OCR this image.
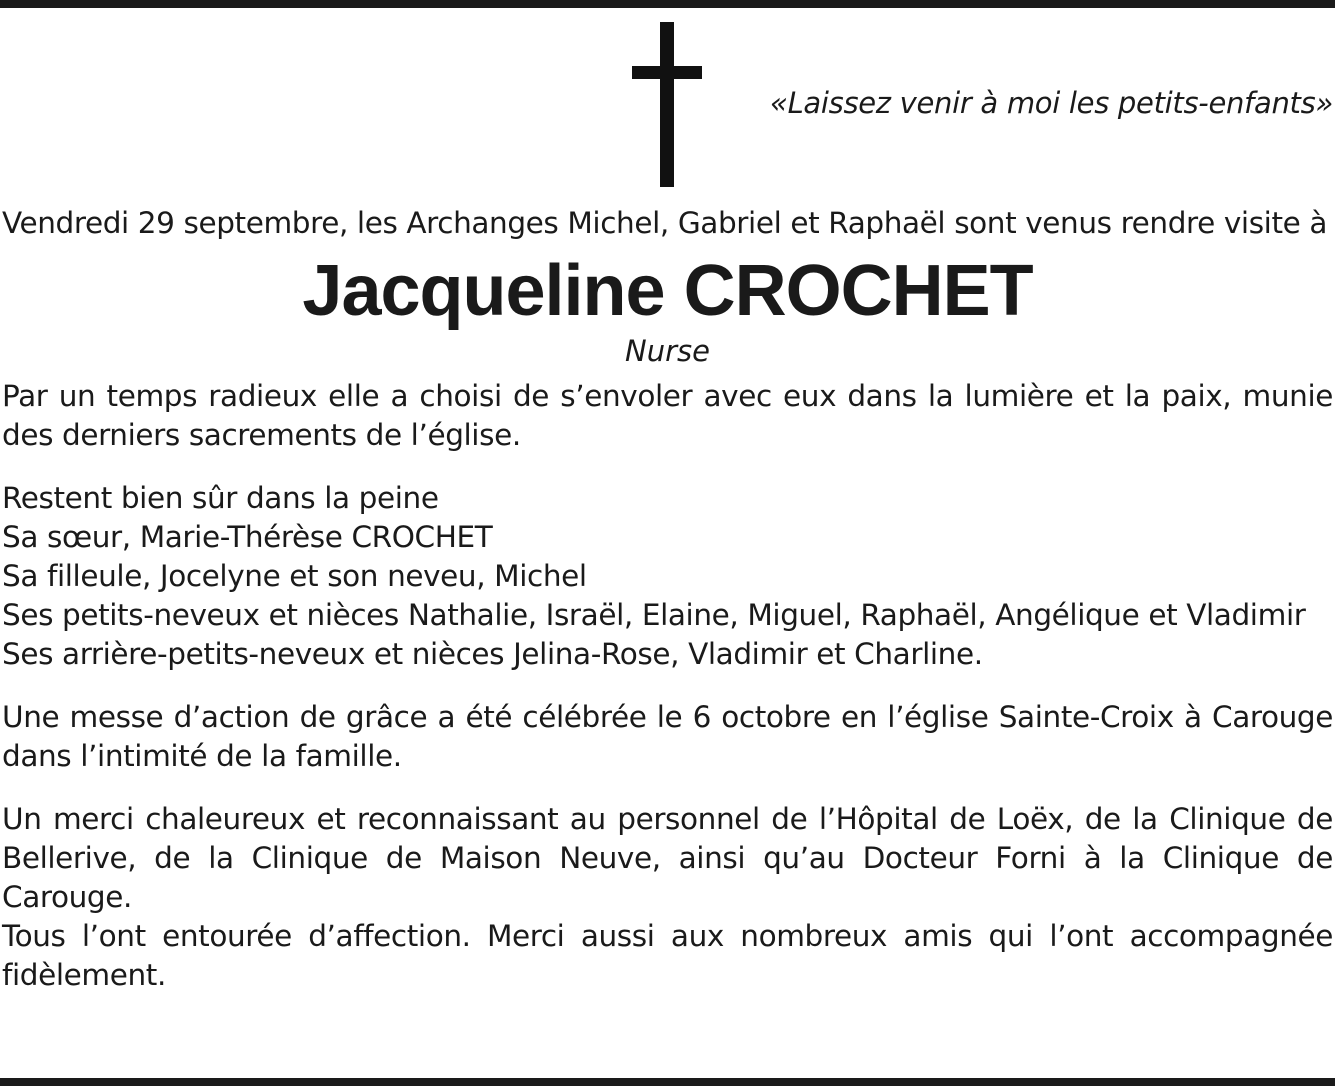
«Laissez venir à moi les petits-enfants»

Vendredi 29 septembre, les Archanges Michel, Gabriel et Raphaël sont venus rendre visite à

Jacqueline CROCHET
Nurse

Par un temps radieux elle a choisi de s’envoler avec eux dans la lumière et la paix, munie des derniers sacrements de l’église.

Restent bien sûr dans la peine
Sa sœur, Marie-Thérèse CROCHET
Sa filleule, Jocelyne et son neveu, Michel
Ses petits-neveux et nièces Nathalie, Israël, Elaine, Miguel, Raphaël, Angélique et Vladimir
Ses arrière-petits-neveux et nièces Jelina-Rose, Vladimir et Charline.

Une messe d’action de grâce a été célébrée le 6 octobre en l’église Sainte-Croix à Carouge dans l’intimité de la famille.

Un merci chaleureux et reconnaissant au personnel de l’Hôpital de Loëx, de la Clinique de Bellerive, de la Clinique de Maison Neuve, ainsi qu’au Docteur Forni à la Clinique de Carouge.

Tous l’ont entourée d’affection. Merci aussi aux nombreux amis qui l’ont accompagnée fidèlement.
